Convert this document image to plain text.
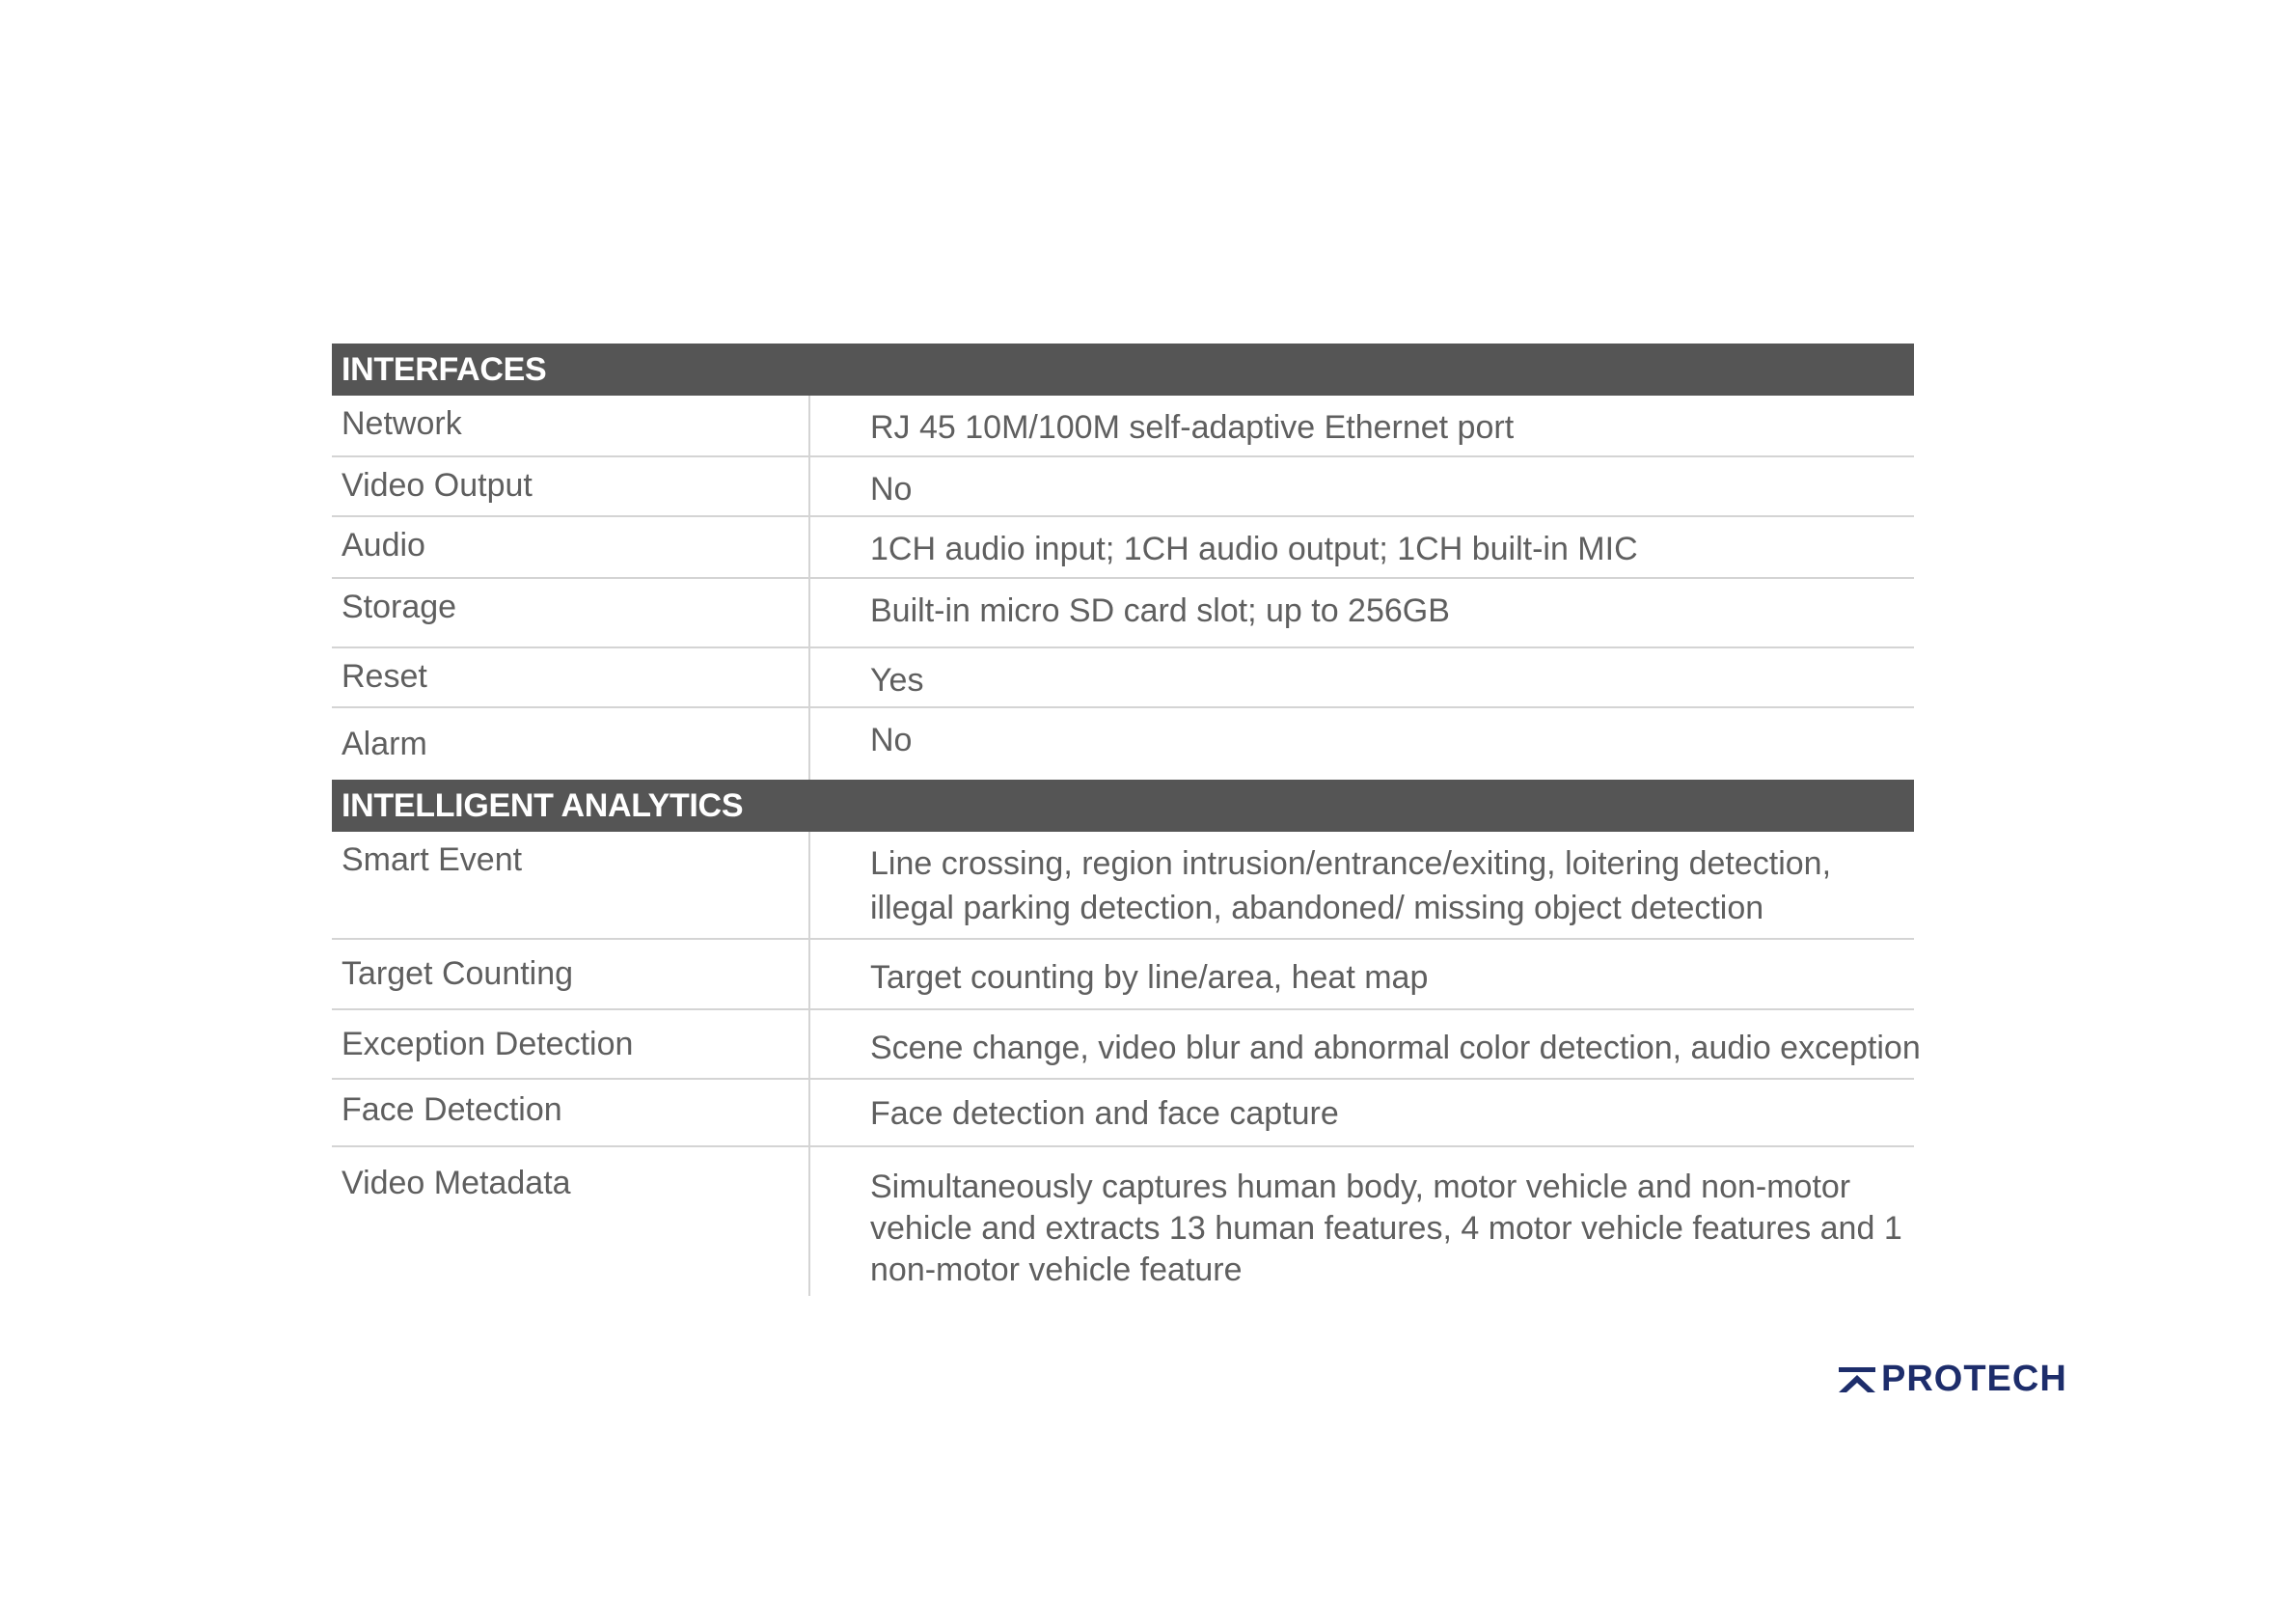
INTERFACES
Network	RJ 45 10M/100M self-adaptive Ethernet port
Video Output	No
Audio	1CH audio input; 1CH audio output; 1CH built-in MIC
Storage	Built-in micro SD card slot; up to 256GB
Reset	Yes
Alarm	No
INTELLIGENT ANALYTICS
Smart Event	Line crossing, region intrusion/entrance/exiting, loitering detection, illegal parking detection, abandoned/ missing object detection
Target Counting	Target counting by line/area, heat map
Exception Detection	Scene change, video blur and abnormal color detection, audio exception
Face Detection	Face detection and face capture
Video Metadata	Simultaneously captures human body, motor vehicle and non-motor vehicle and extracts 13 human features, 4 motor vehicle features and 1 non-motor vehicle feature
PROTECH
